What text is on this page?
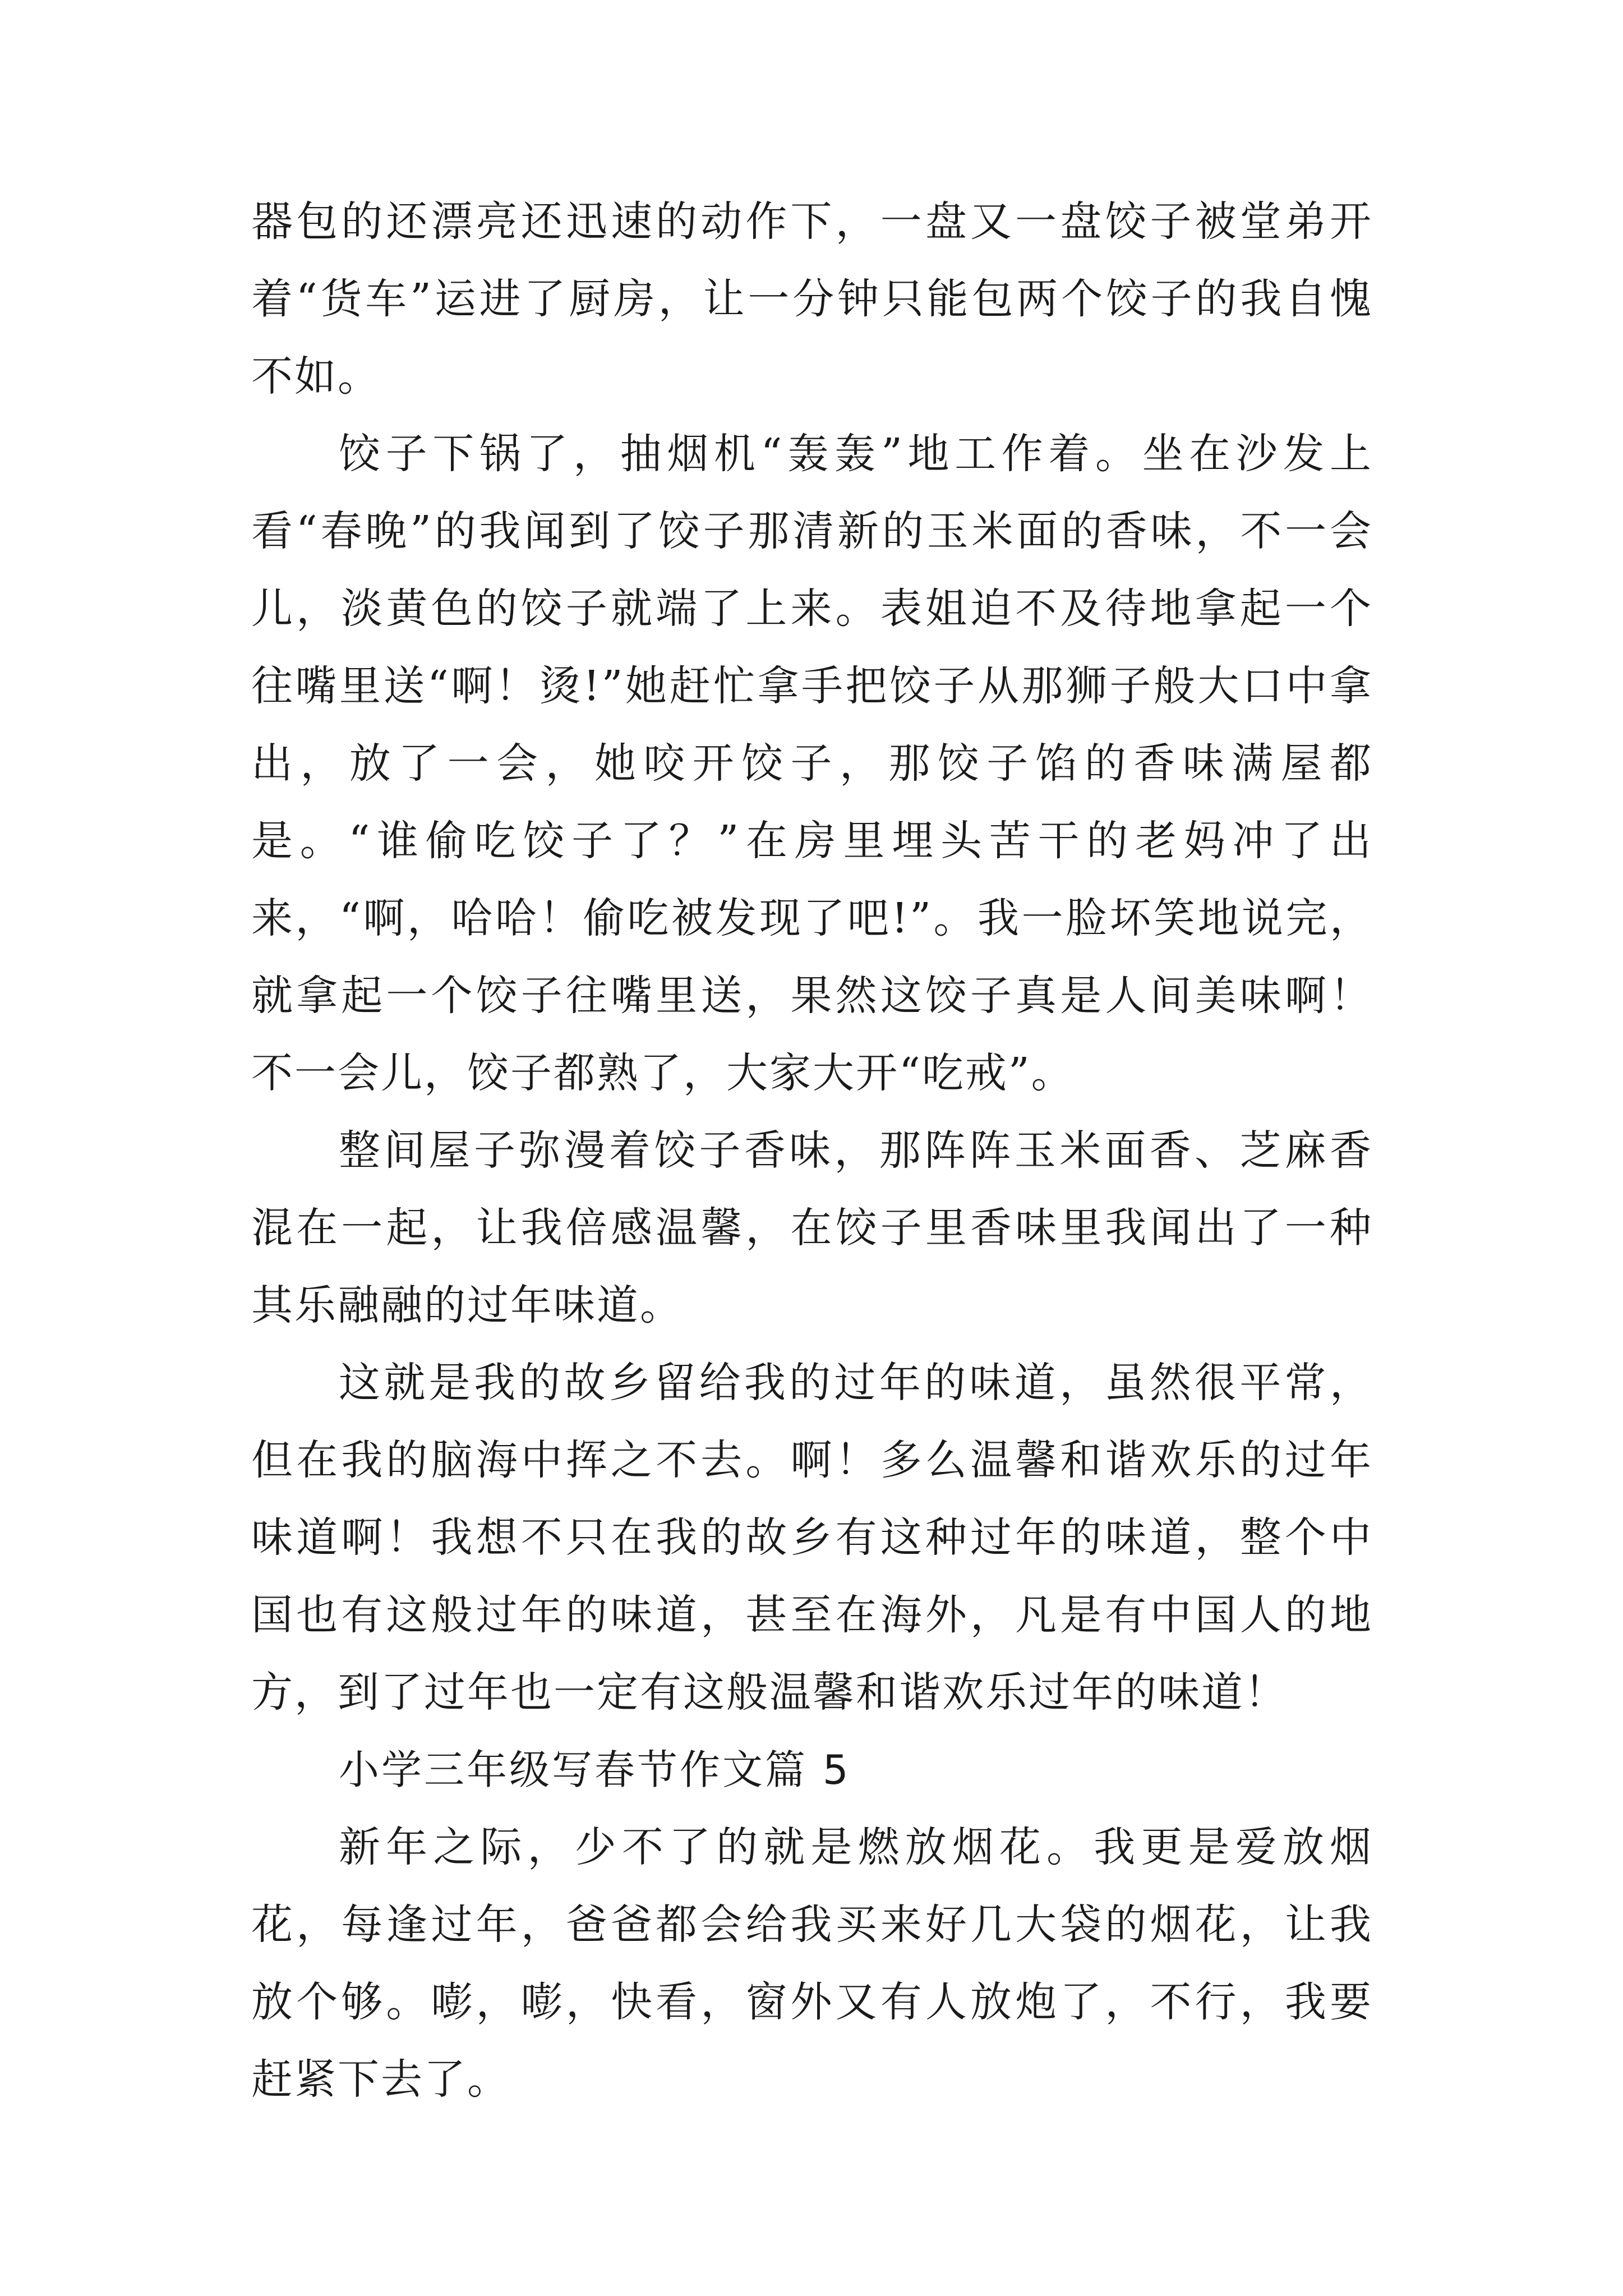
器包的还漂亮还迅速的动作下，一盘又一盘饺子被堂弟开着“货车”运进了厨房，让一分钟只能包两个饺子的我自愧不如。

饺子下锅了，抽烟机“轰轰”地工作着。坐在沙发上看“春晚”的我闻到了饺子那清新的玉米面的香味，不一会儿，淡黄色的饺子就端了上来。表姐迫不及待地拿起一个往嘴里送“啊！烫!”她赶忙拿手把饺子从那狮子般大口中拿出，放了一会，她咬开饺子，那饺子馅的香味满屋都是。“谁偷吃饺子了？”在房里埋头苦干的老妈冲了出来，“啊，哈哈！偷吃被发现了吧!”。我一脸坏笑地说完，就拿起一个饺子往嘴里送，果然这饺子真是人间美味啊！不一会儿，饺子都熟了，大家大开“吃戒”。

整间屋子弥漫着饺子香味，那阵阵玉米面香、芝麻香混在一起，让我倍感温馨，在饺子里香味里我闻出了一种其乐融融的过年味道。

这就是我的故乡留给我的过年的味道，虽然很平常，但在我的脑海中挥之不去。啊！多么温馨和谐欢乐的过年味道啊！我想不只在我的故乡有这种过年的味道，整个中国也有这般过年的味道，甚至在海外，凡是有中国人的地方，到了过年也一定有这般温馨和谐欢乐过年的味道！

小学三年级写春节作文篇 5

新年之际，少不了的就是燃放烟花。我更是爱放烟花，每逢过年，爸爸都会给我买来好几大袋的烟花，让我放个够。嘭，嘭，快看，窗外又有人放炮了，不行，我要赶紧下去了。
